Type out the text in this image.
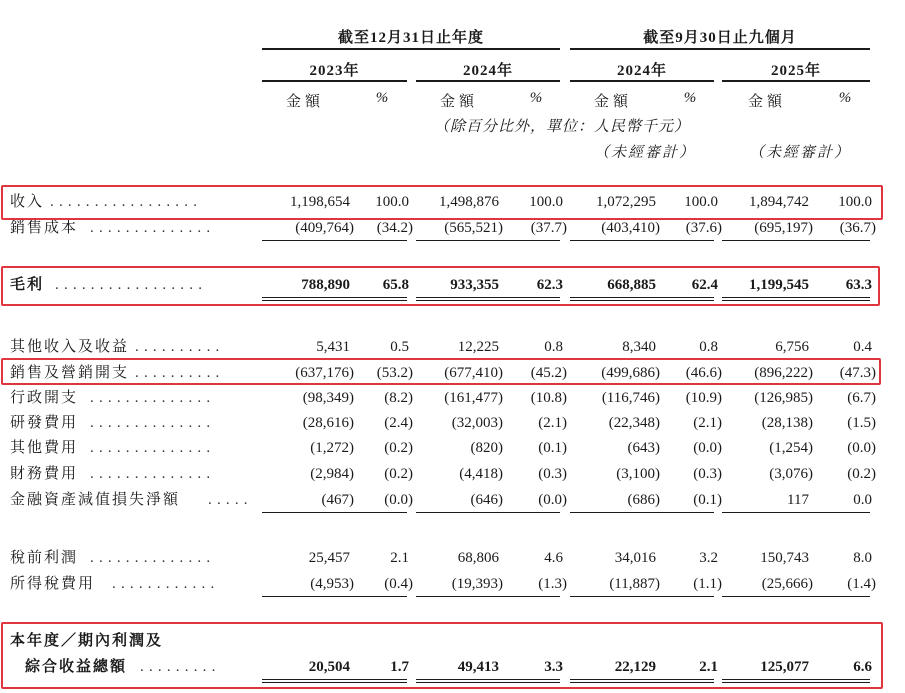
截至12月31日止年度	截至9月30日止九個月
2023年	2024年	2024年	2025年
金額	%	金額	%	金額	%	金額	%
（除百分比外，單位：人民幣千元）
（未經審計）	（未經審計）
收入 .................	1,198,654 100.0 1,498,876 100.0 1,072,295 100.0 1,894,742 100.0
銷售成本 ..............	(409,764) (34.2) (565,521) (37.7) (403,410) (37.6) (695,197) (36.7)
毛利 .................	788,890 65.8	933,355	62.3	668,885 62.4 1,199,545 63.3
其他收入及收益 ..........	5,431	0.5	12,225	0.8	8,340	0.8	6,756	0.4
銷售及營銷開支 ..........	(637,176) (53.2) (677,410) (45.2) (499,686) (46.6) (896,222) (47.3)
行政開支 ..............	(98,349) (8.2) (161,477) (10.8) (116,746) (10.9) (126,985) (6.7)
研發費用 ..............	(28,616) (2.4)	(32,003) (2.1)	(22,348) (2.1)	(28,138) (1.5)
其他費用 ..............	(1,272) (0.2)	(820) (0.1)	(643) (0.0)	(1,254) (0.0)
財務費用 ..............	(2,984) (0.2)	(4,418) (0.3)	(3,100) (0.3)	(3,076) (0.2)
金融資產減值損失淨額 .....	(467) (0.0)	(646) (0.0)	(686) (0.1)	117	0.0
稅前利潤 ..............	25,457	2.1	68,806	4.6	34,016	3.2	150,743	8.0
所得稅費用 ............	(4,953) (0.4)	(19,393) (1.3)	(11,887) (1.1)	(25,666) (1.4)
本年度／期內利潤及
綜合收益總額 .........	20,504	1.7	49,413	3.3	22,129	2.1	125,077	6.6
